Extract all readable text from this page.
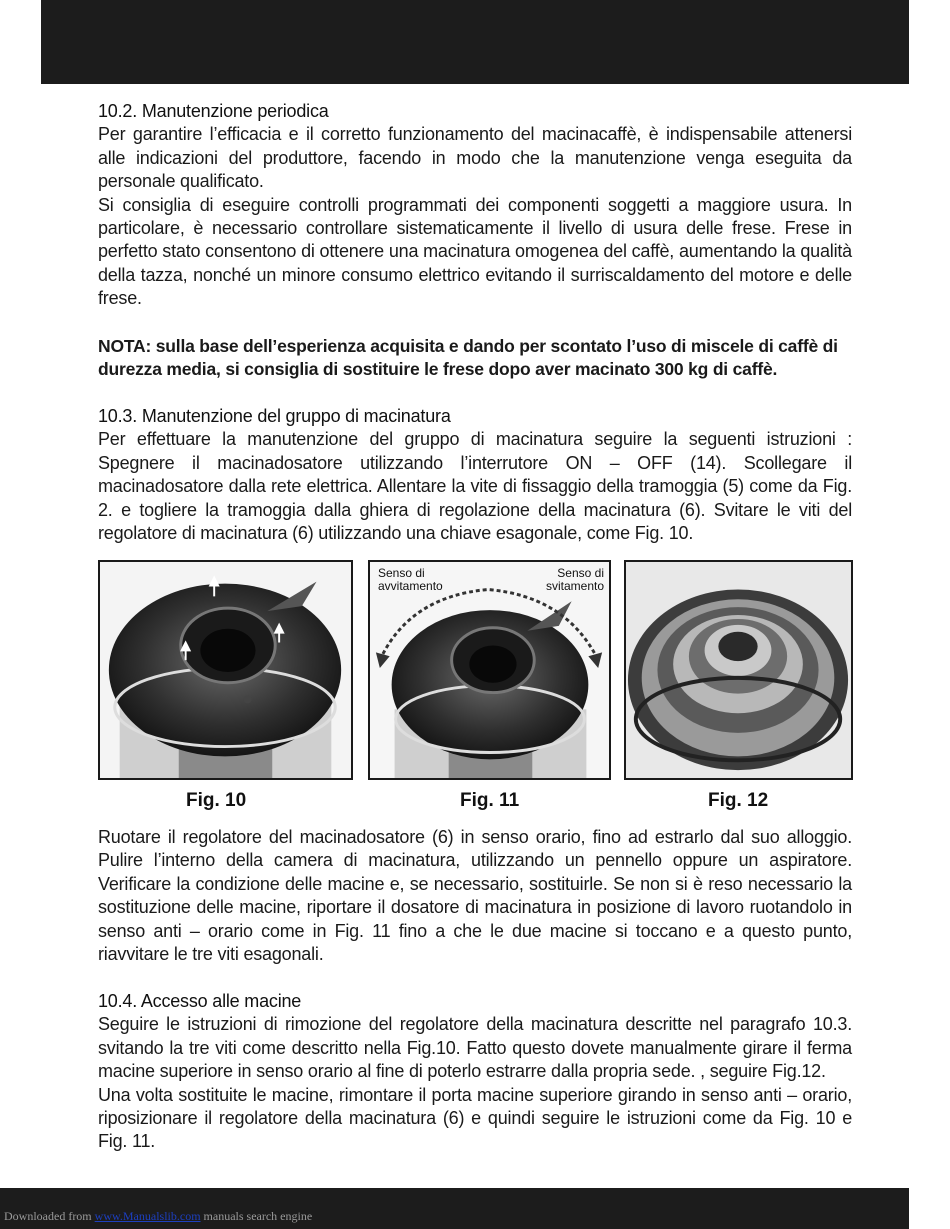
10.2. Manutenzione periodica

Per garantire l’efficacia e il corretto funzionamento del macinacaffè, è indispensabile attenersi alle indicazioni del produttore, facendo in modo che la manutenzione venga eseguita da personale qualificato.

Si consiglia di eseguire controlli programmati dei componenti soggetti a maggiore usura. In particolare, è necessario controllare sistematicamente il livello di usura delle frese. Frese in perfetto stato consentono di ottenere una macinatura omogenea del caffè, aumentando la qualità della tazza, nonché un minore consumo elettrico evitando il surriscaldamento del motore e delle frese.

NOTA: sulla base dell’esperienza acquisita e dando per scontato l’uso di miscele di caffè di durezza media, si consiglia di sostituire le frese dopo aver macinato 300 kg di caffè.

10.3. Manutenzione del gruppo di macinatura

Per effettuare la manutenzione del gruppo di macinatura seguire la seguenti istruzioni : Spegnere il macinadosatore utilizzando l’interrutore ON – OFF (14). Scollegare il macinadosatore dalla rete elettrica. Allentare la vite di fissaggio della tramoggia (5) come da Fig. 2. e togliere la tramoggia dalla ghiera di regolazione della macinatura (6). Svitare le viti del regolatore di macinatura (6) utilizzando una chiave esagonale, come Fig. 10.

Senso di
avvitamento
Senso di
svitamento
Fig. 10	Fig. 11	Fig. 12

Ruotare il regolatore del macinadosatore (6) in senso orario, fino ad estrarlo dal suo alloggio. Pulire l’interno della camera di macinatura, utilizzando un pennello oppure un aspiratore. Verificare la condizione delle macine e, se necessario, sostituirle. Se non si è reso necessario la sostituzione delle macine, riportare il dosatore di macinatura in posizione di lavoro ruotandolo in senso anti – orario come in Fig. 11 fino a che le due macine si toccano e a questo punto, riavvitare le tre viti esagonali.

10.4. Accesso alle macine

Seguire le istruzioni di rimozione del regolatore della macinatura descritte nel paragrafo 10.3. svitando la tre viti come descritto nella Fig.10. Fatto questo dovete manualmente girare il ferma macine superiore in senso orario al fine di poterlo estrarre dalla propria sede. , seguire Fig.12.

Una volta sostituite le macine, rimontare il porta macine superiore girando in senso anti – orario, riposizionare il regolatore della macinatura (6) e quindi seguire le istruzioni come da Fig. 10 e Fig. 11.

Downloaded from www.Manualslib.com manuals search engine
